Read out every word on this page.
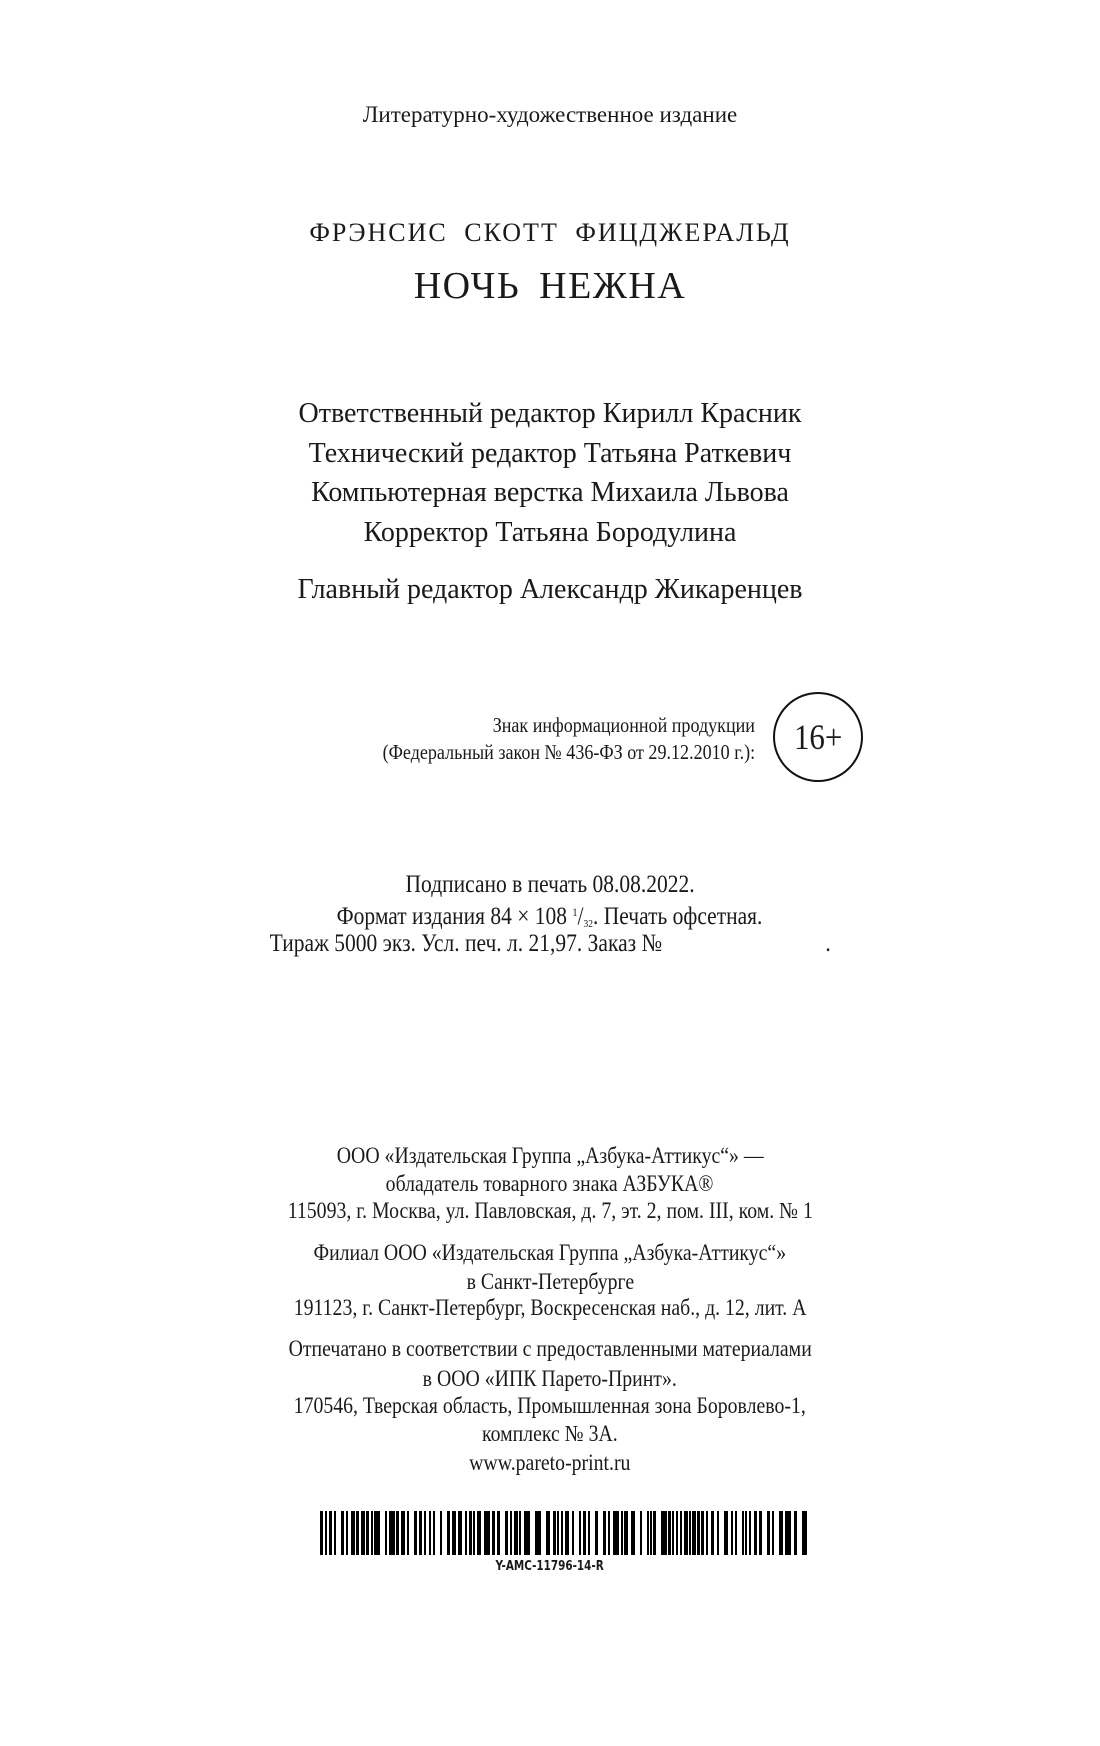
Литературно-художественное издание
ФРЭНСИС СКОТТ ФИЦДЖЕРАЛЬД
НОЧЬ НЕЖНА
Ответственный редактор Кирилл Красник
Технический редактор Татьяна Раткевич
Компьютерная верстка Михаила Львова
Корректор Татьяна Бородулина
Главный редактор Александр Жикаренцев
Знак информационной продукции
(Федеральный закон № 436-ФЗ от 29.12.2010 г.): 16+
Подписано в печать 08.08.2022.
Формат издания 84 × 108 $^1/_{32}$. Печать офсетная.
Тираж 5000 экз. Усл. печ. л. 21,97. Заказ №	.
ООО «Издательская Группа „Азбука-Аттикус“» —
обладатель товарного знака АЗБУКА®
115093, г. Москва, ул. Павловская, д. 7, эт. 2, пом. III, ком. № 1
Филиал ООО «Издательская Группа „Азбука-Аттикус“»
в Санкт-Петербурге
191123, г. Санкт-Петербург, Воскресенская наб., д. 12, лит. А
Отпечатано в соответствии с предоставленными материалами
в ООО «ИПК Парето-Принт».
170546, Тверская область, Промышленная зона Боровлево-1,
комплекс № 3А.
www.pareto-print.ru
Y-AMC-11796-14-R
